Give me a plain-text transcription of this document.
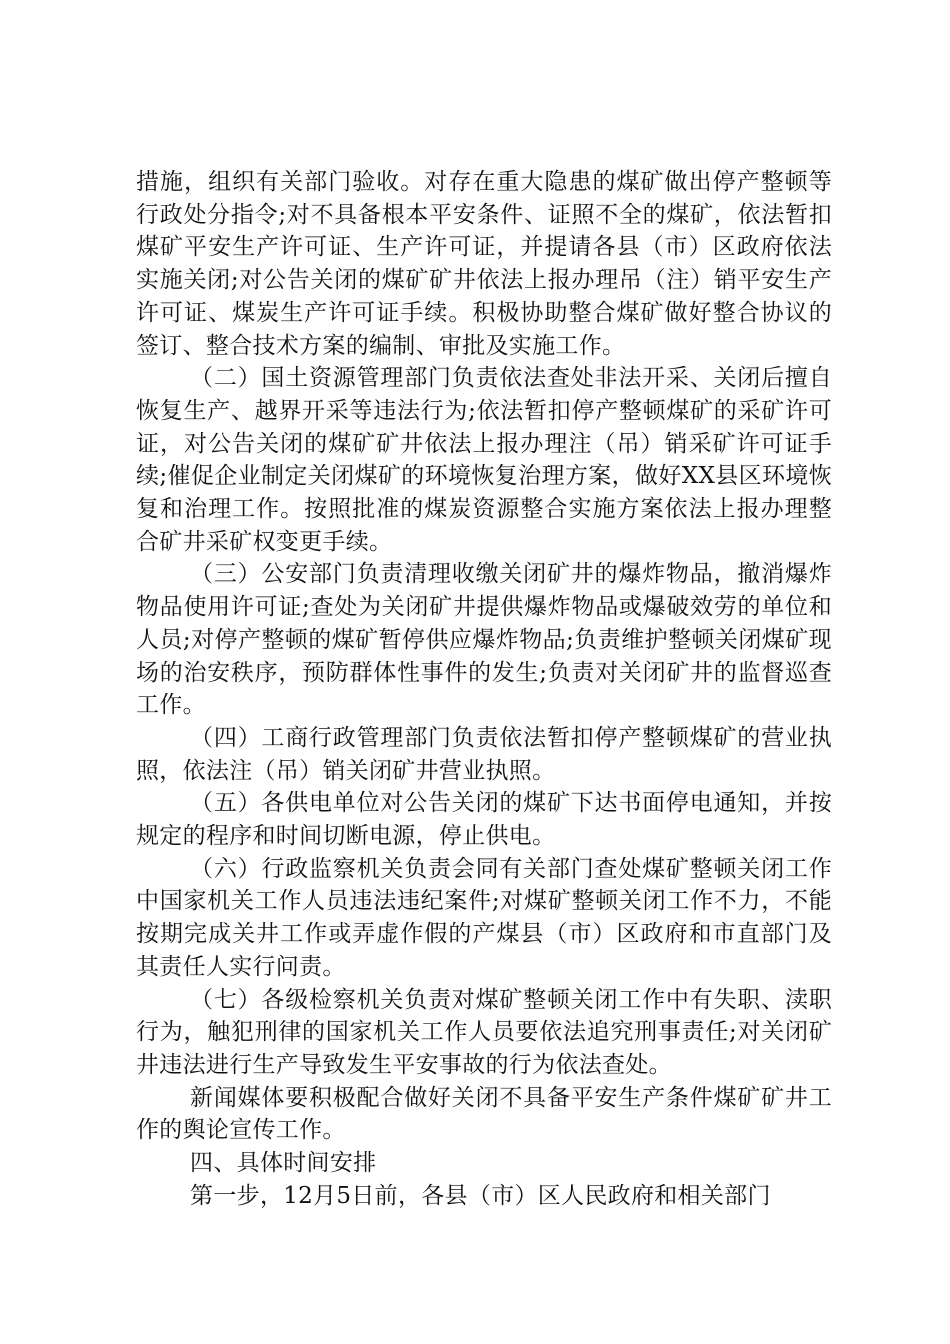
措施，组织有关部门验收。对存在重大隐患的煤矿做出停产整顿等行政处分指令;对不具备根本平安条件、证照不全的煤矿，依法暂扣煤矿平安生产许可证、生产许可证，并提请各县（市）区政府依法实施关闭;对公告关闭的煤矿矿井依法上报办理吊（注）销平安生产许可证、煤炭生产许可证手续。积极协助整合煤矿做好整合协议的签订、整合技术方案的编制、审批及实施工作。

（二）国土资源管理部门负责依法查处非法开采、关闭后擅自恢复生产、越界开采等违法行为;依法暂扣停产整顿煤矿的采矿许可证，对公告关闭的煤矿矿井依法上报办理注（吊）销采矿许可证手续;催促企业制定关闭煤矿的环境恢复治理方案，做好XX县区环境恢复和治理工作。按照批准的煤炭资源整合实施方案依法上报办理整合矿井采矿权变更手续。

（三）公安部门负责清理收缴关闭矿井的爆炸物品，撤消爆炸物品使用许可证;查处为关闭矿井提供爆炸物品或爆破效劳的单位和人员;对停产整顿的煤矿暂停供应爆炸物品;负责维护整顿关闭煤矿现场的治安秩序，预防群体性事件的发生;负责对关闭矿井的监督巡查工作。

（四）工商行政管理部门负责依法暂扣停产整顿煤矿的营业执照，依法注（吊）销关闭矿井营业执照。

（五）各供电单位对公告关闭的煤矿下达书面停电通知，并按规定的程序和时间切断电源，停止供电。

（六）行政监察机关负责会同有关部门查处煤矿整顿关闭工作中国家机关工作人员违法违纪案件;对煤矿整顿关闭工作不力，不能按期完成关井工作或弄虚作假的产煤县（市）区政府和市直部门及其责任人实行问责。

（七）各级检察机关负责对煤矿整顿关闭工作中有失职、渎职行为，触犯刑律的国家机关工作人员要依法追究刑事责任;对关闭矿井违法进行生产导致发生平安事故的行为依法查处。

新闻媒体要积极配合做好关闭不具备平安生产条件煤矿矿井工作的舆论宣传工作。

四、具体时间安排

第一步，12月5日前，各县（市）区人民政府和相关部门
